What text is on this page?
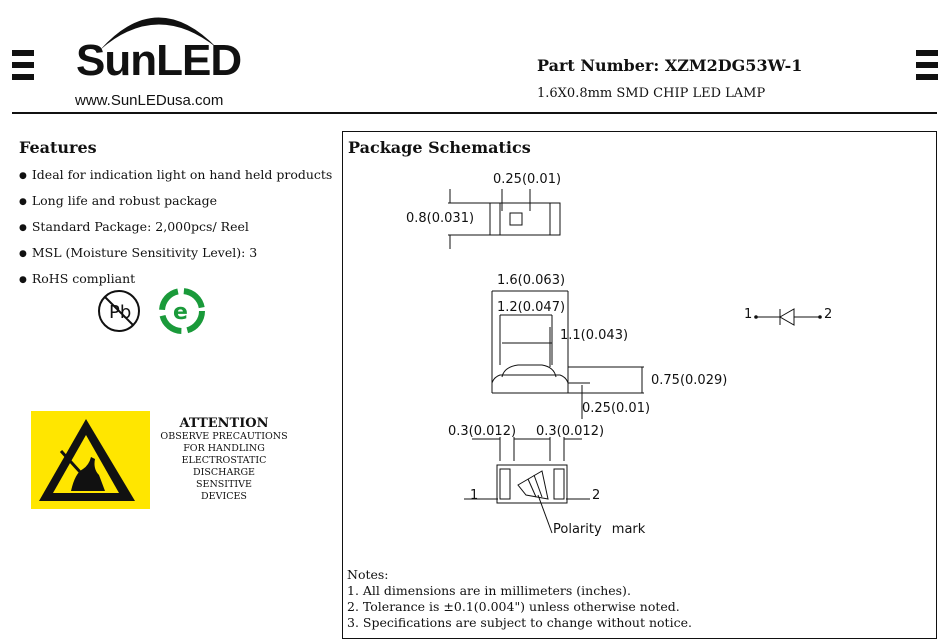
SunLED
www.SunLEDusa.com
Part Number: XZM2DG53W-1
1.6X0.8mm SMD CHIP LED LAMP
Features
● Ideal for indication light on hand held products
● Long life and robust package
● Standard Package: 2,000pcs/ Reel
● MSL (Moisture Sensitivity Level): 3
● RoHS compliant
Pb e
ATTENTION
OBSERVE PRECAUTIONS
FOR HANDLING
ELECTROSTATIC
DISCHARGE
SENSITIVE
DEVICES
Package Schematics
0.25(0.01)
0.8(0.031)
1.6(0.063)
1.2(0.047)
1.1(0.043)
0.75(0.029)
0.25(0.01)
0.3(0.012) 0.3(0.012)
1	2
Polarity mark
1	2
Notes:
1. All dimensions are in millimeters (inches).
2. Tolerance is ±0.1(0.004") unless otherwise noted.
3. Specifications are subject to change without notice.
